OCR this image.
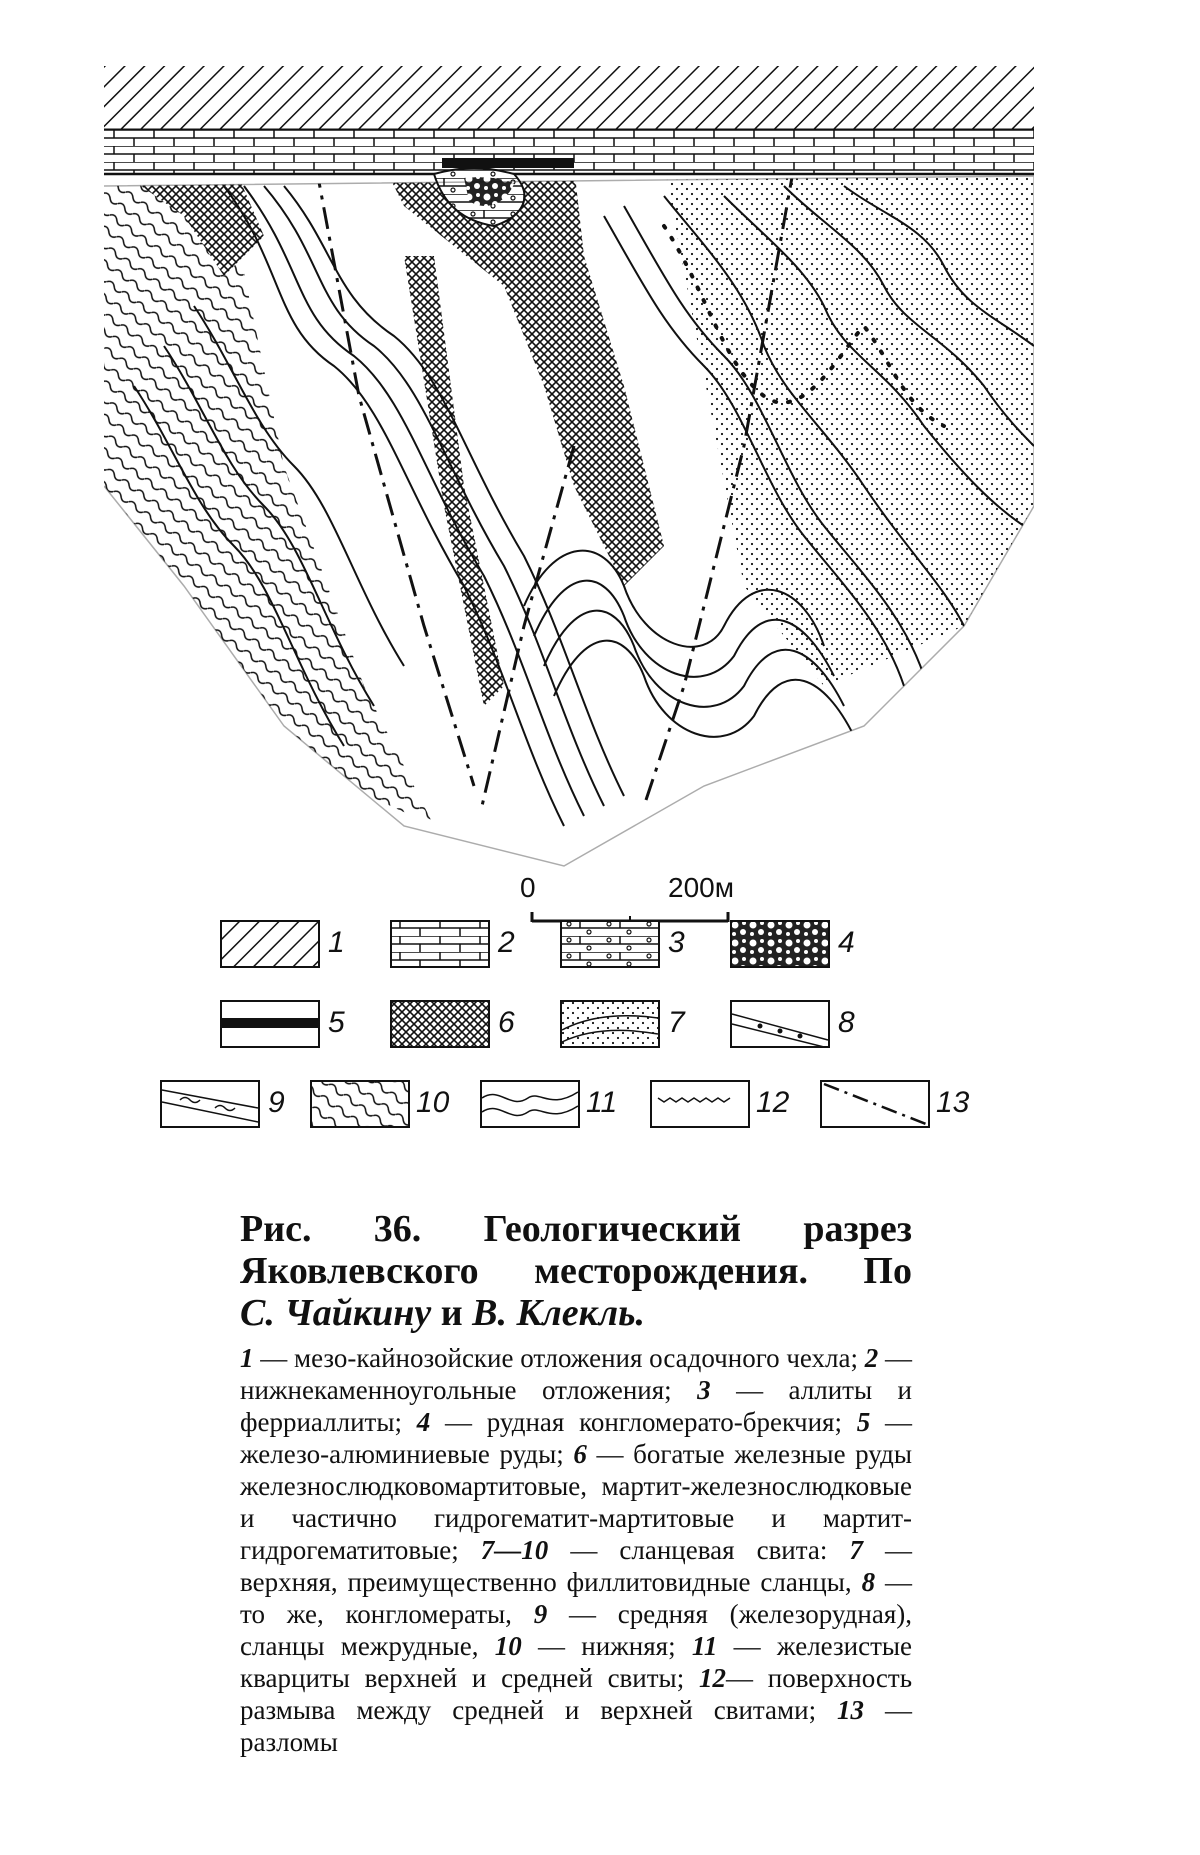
0	200м
1	2	3	4
5	6	7	8
9	10	11	12	13
Рис. 36. Геологический разрез
Яковлевского месторождения. По
С. Чайкину и В. Клекль.
1 — мезо-кайнозойские отложения осадочного чехла; 2 — нижнекаменноугольные отложения; 3 — аллиты и ферриаллиты; 4 — рудная конгломерато-брекчия; 5 — железо-алюминиевые руды; 6 — богатые железные руды железнослюдковомартитовые, мартит-железнослюдковые и частично гидрогематит-мартитовые и мартит-гидрогематитовые; 7—10 — сланцевая свита: 7 — верхняя, преимущественно филлитовидные сланцы, 8 — то же, конгломераты, 9 — средняя (железорудная), сланцы межрудные, 10 — нижняя; 11 — железистые кварциты верхней и средней свиты; 12— поверхность размыва между средней и верхней свитами; 13 — разломы
